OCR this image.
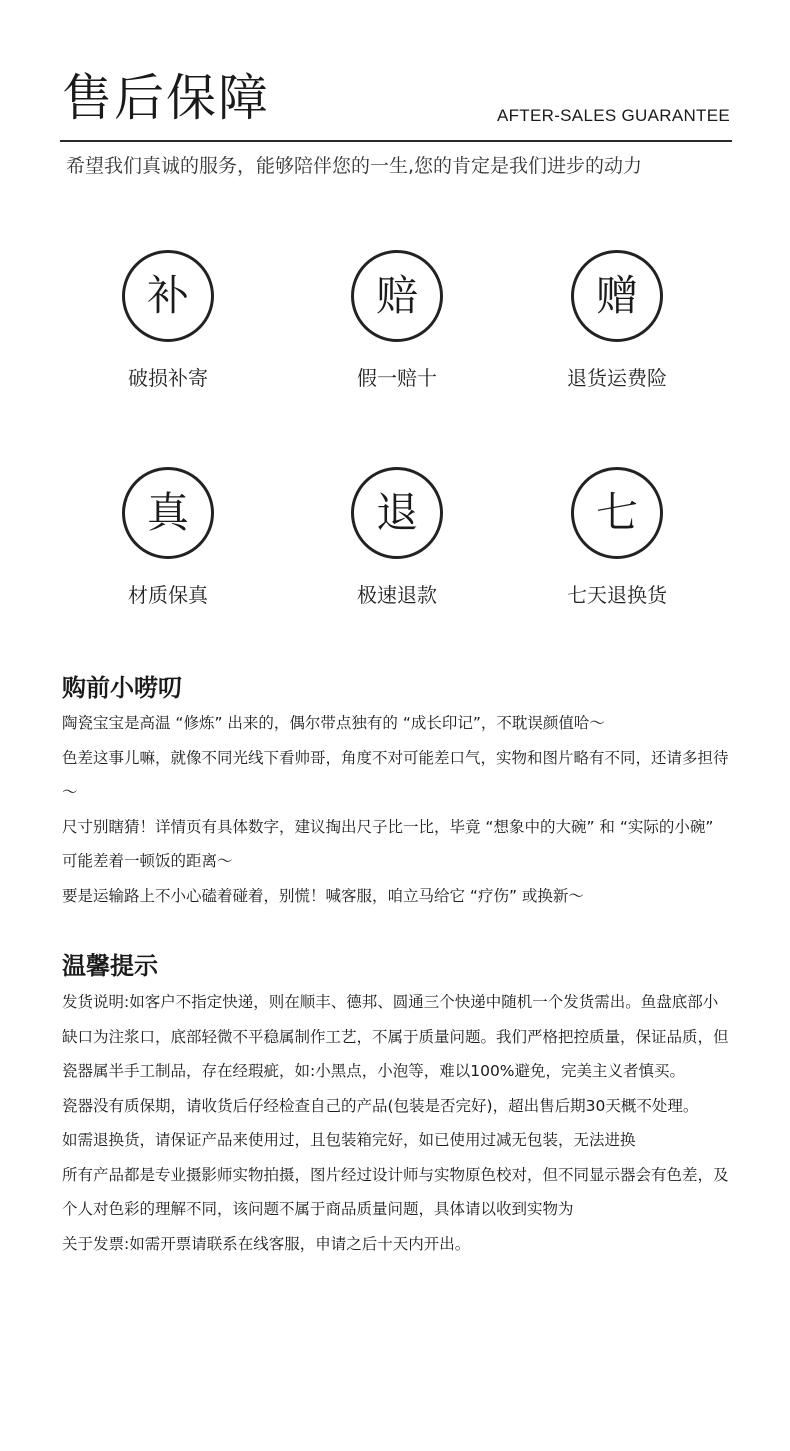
售后保障	AFTER-SALES GUARANTEE
希望我们真诚的服务，能够陪伴您的一生,您的肯定是我们进步的动力
补
破损补寄
赔
假一赔十
赠
退货运费险
真
材质保真
退
极速退款
七
七天退换货
购前小唠叨

陶瓷宝宝是高温 “修炼” 出来的，偶尔带点独有的 “成长印记”，不耽误颜值哈～

色差这事儿嘛，就像不同光线下看帅哥，角度不对可能差口气，实物和图片略有不同，还请多担待～

尺寸别瞎猜！详情页有具体数字，建议掏出尺子比一比，毕竟 “想象中的大碗” 和 “实际的小碗” 可能差着一顿饭的距离～

要是运输路上不小心磕着碰着，别慌！喊客服，咱立马给它 “疗伤” 或换新～

温馨提示

发货说明:如客户不指定快递，则在顺丰、德邦、圆通三个快递中随机一个发货需出。鱼盘底部小缺口为注浆口，底部轻微不平稳属制作工艺，不属于质量问题。我们严格把控质量，保证品质，但瓷器属半手工制品，存在经瑕疵，如:小黑点，小泡等，难以100%避免，完美主义者慎买。

瓷器没有质保期，请收货后仔经检查自己的产品(包装是否完好)，超出售后期30天概不处理。

如需退换货，请保证产品来使用过，且包装箱完好，如已使用过减无包装，无法进换

所有产品都是专业摄影师实物拍摄，图片经过设计师与实物原色校对，但不同显示器会有色差，及个人对色彩的理解不同，该问题不属于商品质量问题，具体请以收到实物为

关于发票:如需开票请联系在线客服，申请之后十天内开出。
